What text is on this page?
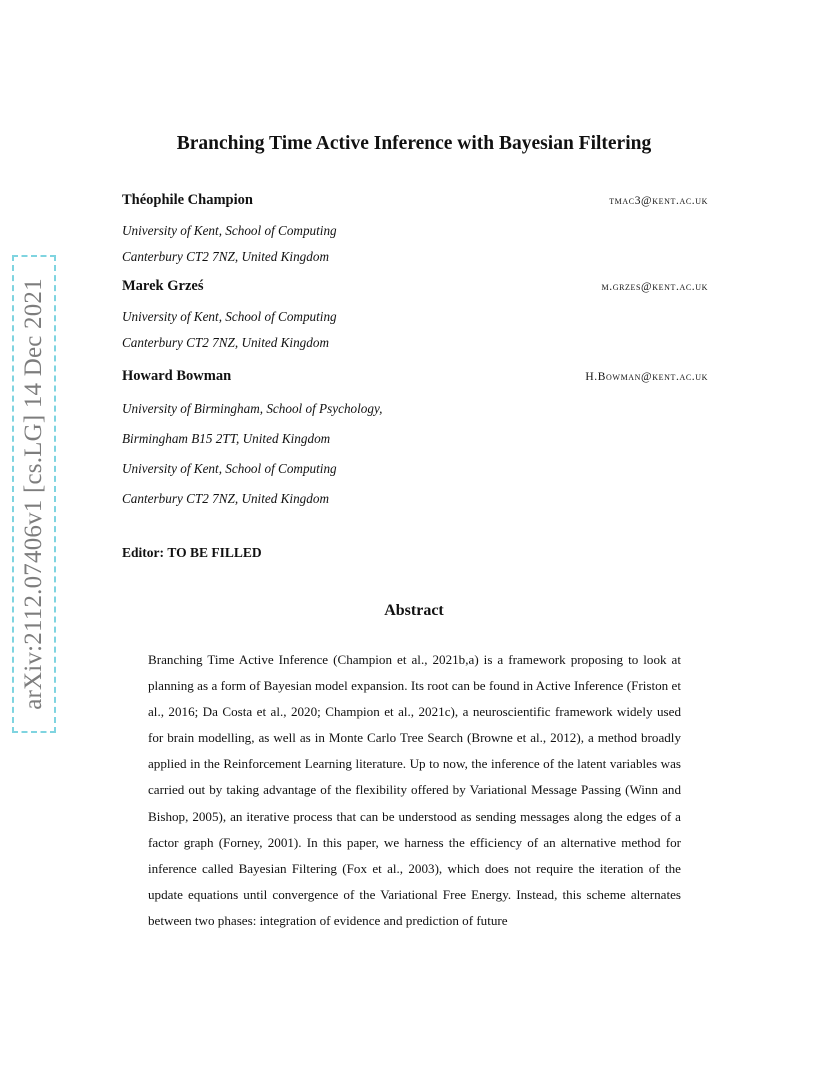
arXiv:2112.07406v1 [cs.LG] 14 Dec 2021
Branching Time Active Inference with Bayesian Filtering
Théophile Champion	tmac3@kent.ac.uk
University of Kent, School of Computing
Canterbury CT2 7NZ, United Kingdom
Marek Grześ	m.grzes@kent.ac.uk
University of Kent, School of Computing
Canterbury CT2 7NZ, United Kingdom
Howard Bowman	H.Bowman@kent.ac.uk
University of Birmingham, School of Psychology,
Birmingham B15 2TT, United Kingdom
University of Kent, School of Computing
Canterbury CT2 7NZ, United Kingdom
Editor: TO BE FILLED
Abstract
Branching Time Active Inference (Champion et al., 2021b,a) is a framework proposing to look at planning as a form of Bayesian model expansion. Its root can be found in Active Inference (Friston et al., 2016; Da Costa et al., 2020; Champion et al., 2021c), a neuroscientific framework widely used for brain modelling, as well as in Monte Carlo Tree Search (Browne et al., 2012), a method broadly applied in the Reinforcement Learning literature. Up to now, the inference of the latent variables was carried out by taking advantage of the flexibility offered by Variational Message Passing (Winn and Bishop, 2005), an iterative process that can be understood as sending messages along the edges of a factor graph (Forney, 2001). In this paper, we harness the efficiency of an alternative method for inference called Bayesian Filtering (Fox et al., 2003), which does not require the iteration of the update equations until convergence of the Variational Free Energy. Instead, this scheme alternates between two phases: integration of evidence and prediction of future
